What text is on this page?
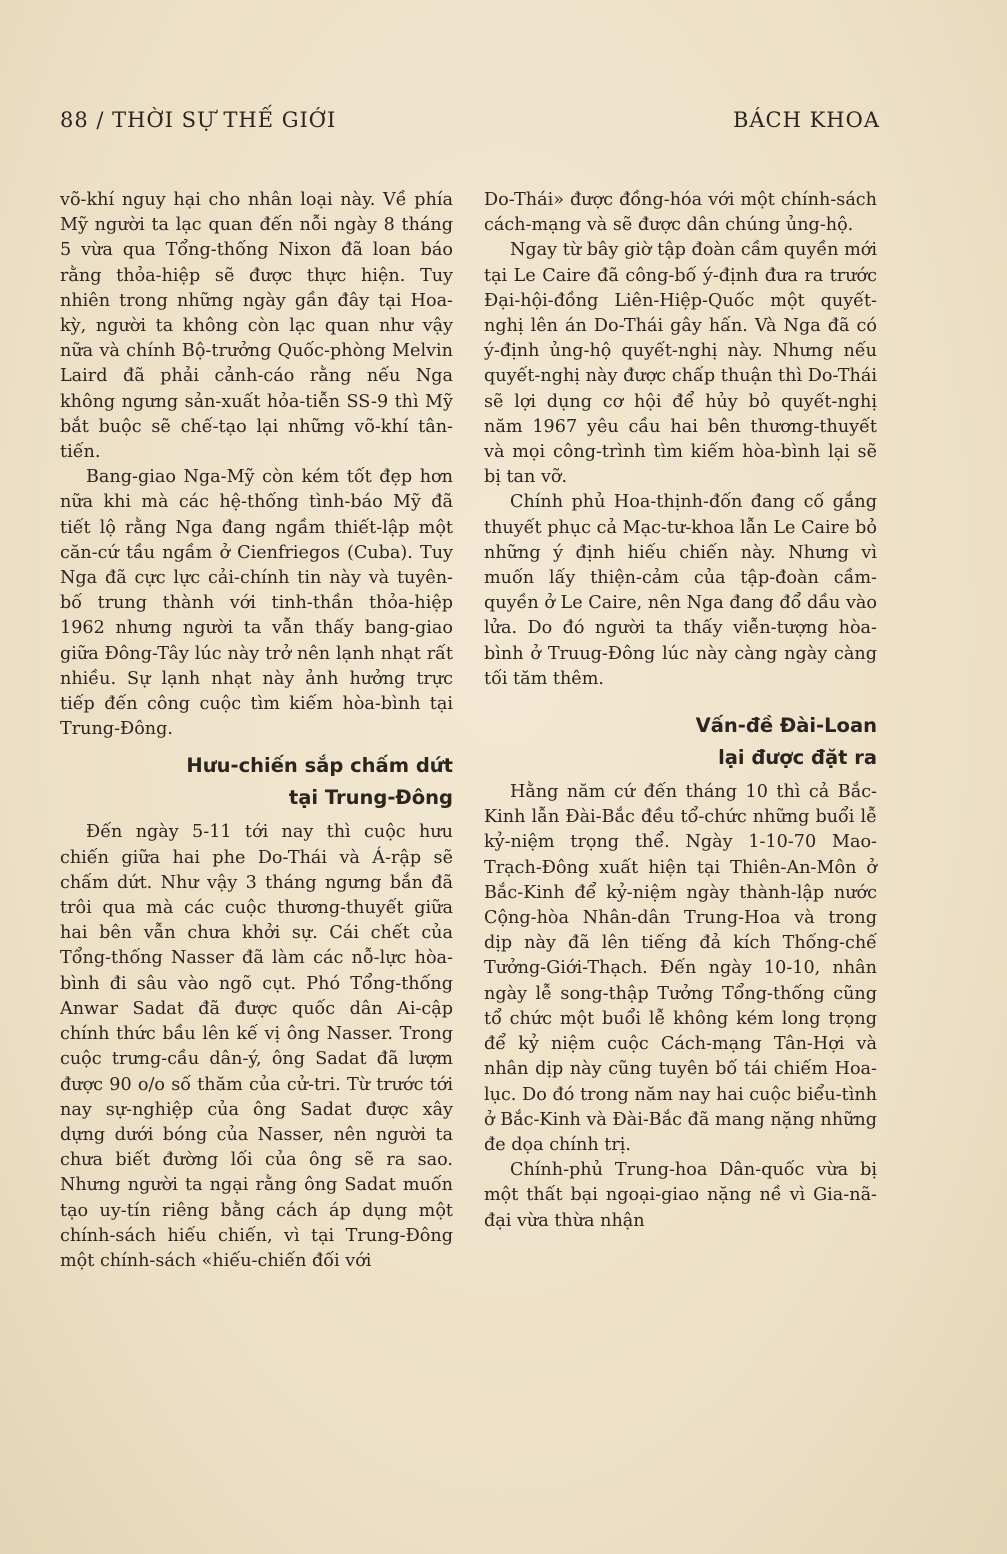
88 / THỜI SỰ THẾ GIỚI	BÁCH KHOA

võ-khí nguy hại cho nhân loại này. Về phía Mỹ người ta lạc quan đến nỗi ngày 8 tháng 5 vừa qua Tổng-thống Nixon đã loan báo rằng thỏa-hiệp sẽ được thực hiện. Tuy nhiên trong những ngày gần đây tại Hoa-kỳ, người ta không còn lạc quan như vậy nữa và chính Bộ-trưởng Quốc-phòng Melvin Laird đã phải cảnh-cáo rằng nếu Nga không ngưng sản-xuất hỏa-tiễn SS-9 thì Mỹ bắt buộc sẽ chế-tạo lại những võ-khí tân-tiến.

Bang-giao Nga-Mỹ còn kém tốt đẹp hơn nữa khi mà các hệ-thống tình-báo Mỹ đã tiết lộ rằng Nga đang ngầm thiết-lập một căn-cứ tầu ngầm ở Cienfriegos (Cuba). Tuy Nga đã cực lực cải-chính tin này và tuyên-bố trung thành với tinh-thần thỏa-hiệp 1962 nhưng người ta vẫn thấy bang-giao giữa Đông-Tây lúc này trở nên lạnh nhạt rất nhiều. Sự lạnh nhạt này ảnh hưởng trực tiếp đến công cuộc tìm kiếm hòa-bình tại Trung-Đông.

Hưu-chiến sắp chấm dứt
tại Trung-Đông

Đến ngày 5-11 tới nay thì cuộc hưu chiến giữa hai phe Do-Thái và Á-rập sẽ chấm dứt. Như vậy 3 tháng ngưng bắn đã trôi qua mà các cuộc thương-thuyết giữa hai bên vẫn chưa khởi sự. Cái chết của Tổng-thống Nasser đã làm các nỗ-lực hòa-bình đi sâu vào ngõ cụt. Phó Tổng-thống Anwar Sadat đã được quốc dân Ai-cập chính thức bầu lên kế vị ông Nasser. Trong cuộc trưng-cầu dân-ý, ông Sadat đã lượm được 90 o/o số thăm của cử-tri. Từ trước tới nay sự-nghiệp của ông Sadat được xây dựng dưới bóng của Nasser, nên người ta chưa biết đường lối của ông sẽ ra sao. Nhưng người ta ngại rằng ông Sadat muốn tạo uy-tín riêng bằng cách áp dụng một chính-sách hiếu chiến, vì tại Trung-Đông một chính-sách «hiếu-chiến đối với

Do-Thái» được đồng-hóa với một chính-sách cách-mạng và sẽ được dân chúng ủng-hộ.

Ngay từ bây giờ tập đoàn cầm quyền mới tại Le Caire đã công-bố ý-định đưa ra trước Đại-hội-đồng Liên-Hiệp-Quốc một quyết-nghị lên án Do-Thái gây hấn. Và Nga đã có ý-định ủng-hộ quyết-nghị này. Nhưng nếu quyết-nghị này được chấp thuận thì Do-Thái sẽ lợi dụng cơ hội để hủy bỏ quyết-nghị năm 1967 yêu cầu hai bên thương-thuyết và mọi công-trình tìm kiếm hòa-bình lại sẽ bị tan vỡ.

Chính phủ Hoa-thịnh-đốn đang cố gắng thuyết phục cả Mạc-tư-khoa lẫn Le Caire bỏ những ý định hiếu chiến này. Nhưng vì muốn lấy thiện-cảm của tập-đoàn cầm-quyền ở Le Caire, nên Nga đang đổ dầu vào lửa. Do đó người ta thấy viễn-tượng hòa-bình ở Truug-Đông lúc này càng ngày càng tối tăm thêm.

Vấn-đề Đài-Loan
lại được đặt ra

Hằng năm cứ đến tháng 10 thì cả Bắc-Kinh lẫn Đài-Bắc đều tổ-chức những buổi lễ kỷ-niệm trọng thể. Ngày 1-10-70 Mao-Trạch-Đông xuất hiện tại Thiên-An-Môn ở Bắc-Kinh để kỷ-niệm ngày thành-lập nước Cộng-hòa Nhân-dân Trung-Hoa và trong dịp này đã lên tiếng đả kích Thống-chế Tưởng-Giới-Thạch. Đến ngày 10-10, nhân ngày lễ song-thập Tưởng Tổng-thống cũng tổ chức một buổi lễ không kém long trọng để kỷ niệm cuộc Cách-mạng Tân-Hợi và nhân dịp này cũng tuyên bố tái chiếm Hoa-lục. Do đó trong năm nay hai cuộc biểu-tình ở Bắc-Kinh và Đài-Bắc đã mang nặng những đe dọa chính trị.

Chính-phủ Trung-hoa Dân-quốc vừa bị một thất bại ngoại-giao nặng nề vì Gia-nã-đại vừa thừa nhận
